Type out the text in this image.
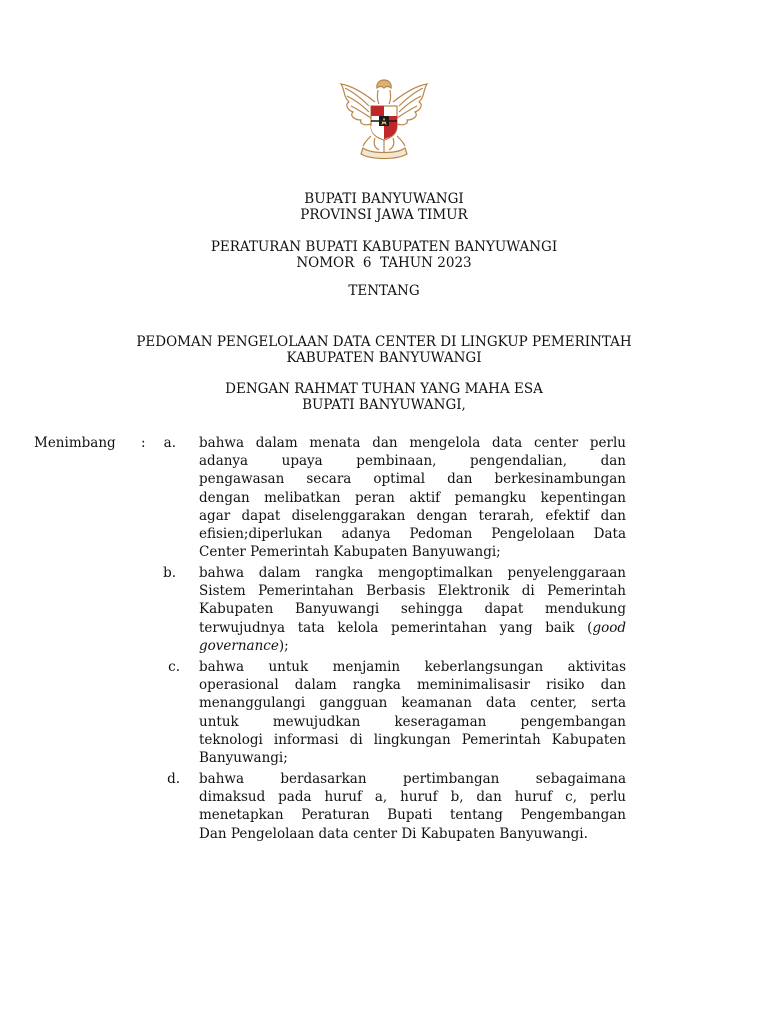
BUPATI BANYUWANGI
PROVINSI JAWA TIMUR
PERATURAN BUPATI KABUPATEN BANYUWANGI
NOMOR  6  TAHUN 2023
TENTANG
PEDOMAN PENGELOLAAN DATA CENTER DI LINGKUP PEMERINTAH
KABUPATEN BANYUWANGI
DENGAN RAHMAT TUHAN YANG MAHA ESA
BUPATI BANYUWANGI,
Menimbang :	a. bahwa dalam menata dan mengelola data center perlu
adanya upaya pembinaan, pengendalian, dan
pengawasan secara optimal dan berkesinambungan
dengan melibatkan peran aktif pemangku kepentingan
agar dapat diselenggarakan dengan terarah, efektif dan
efisien;diperlukan adanya Pedoman Pengelolaan Data
Center Pemerintah Kabupaten Banyuwangi;
b. bahwa dalam rangka mengoptimalkan penyelenggaraan
Sistem Pemerintahan Berbasis Elektronik di Pemerintah
Kabupaten Banyuwangi sehingga dapat mendukung
terwujudnya tata kelola pemerintahan yang baik (good
governance);
c. bahwa untuk menjamin keberlangsungan aktivitas
operasional dalam rangka meminimalisasir risiko dan
menanggulangi gangguan keamanan data center, serta
untuk mewujudkan keseragaman pengembangan
teknologi informasi di lingkungan Pemerintah Kabupaten
Banyuwangi;
d. bahwa berdasarkan pertimbangan sebagaimana
dimaksud pada huruf a, huruf b, dan huruf c, perlu
menetapkan Peraturan Bupati tentang Pengembangan
Dan Pengelolaan data center Di Kabupaten Banyuwangi.
